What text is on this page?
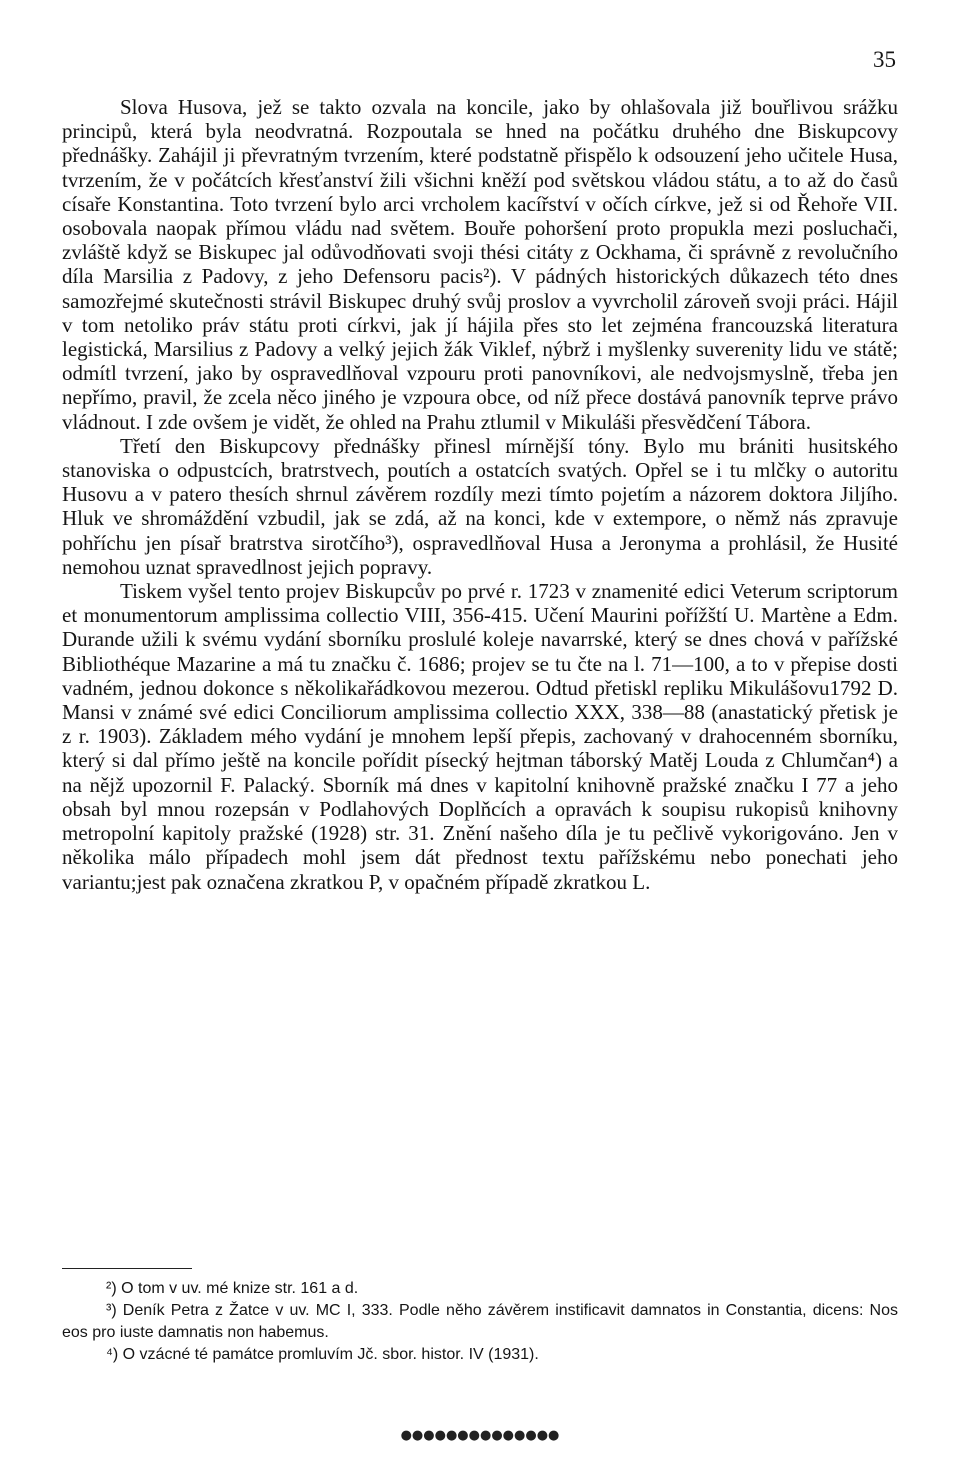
35

Slova Husova, jež se takto ozvala na koncile, jako by ohlašovala již bouřlivou srážku principů, která byla neodvratná. Rozpoutala se hned na počátku druhého dne Biskupcovy přednášky. Zahájil ji převratným tvrzením, které podstatně přispělo k odsouzení jeho učitele Husa, tvrzením, že v počátcích křesťanství žili všichni kněží pod světskou vládou státu, a to až do časů císaře Konstantina. Toto tvrzení bylo arci vrcholem kacířství v očích církve, jež si od Řehoře VII. osobovala naopak přímou vládu nad světem. Bouře pohoršení proto propukla mezi posluchači, zvláště když se Biskupec jal odůvodňovati svoji thési citáty z Ockhama, či správně z revolučního díla Marsilia z Padovy, z jeho Defensoru pacis²). V pádných historických důkazech této dnes samozřejmé skutečnosti strávil Biskupec druhý svůj proslov a vyvrcholil zároveň svoji práci. Hájil v tom netoliko práv státu proti církvi, jak jí hájila přes sto let zejména francouzská literatura legistická, Marsilius z Padovy a velký jejich žák Viklef, nýbrž i myšlenky suverenity lidu ve státě; odmítl tvrzení, jako by ospravedlňoval vzpouru proti panovníkovi, ale nedvojsmyslně, třeba jen nepřímo, pravil, že zcela něco jiného je vzpoura obce, od níž přece dostává panovník teprve právo vládnout. I zde ovšem je vidět, že ohled na Prahu ztlumil v Mikuláši přesvědčení Tábora.

Třetí den Biskupcovy přednášky přinesl mírnější tóny. Bylo mu brániti husitského stanoviska o odpustcích, bratrstvech, poutích a ostatcích svatých. Opřel se i tu mlčky o autoritu Husovu a v patero thesích shrnul závěrem rozdíly mezi tímto pojetím a názorem doktora Jiljího. Hluk ve shromáždění vzbudil, jak se zdá, až na konci, kde v extempore, o němž nás zpravuje pohříchu jen písař bratrstva sirotčího³), ospravedlňoval Husa a Jeronyma a prohlásil, že Husité nemohou uznat spravedlnost jejich popravy.

Tiskem vyšel tento projev Biskupcův po prvé r. 1723 v znamenité edici Veterum scriptorum et monumentorum amplissima collectio VIII, 356-415. Učení Maurini pořížští U. Martène a Edm. Durande užili k svému vydání sborníku proslulé koleje navarrské, který se dnes chová v pařížské Bibliothéque Mazarine a má tu značku č. 1686; projev se tu čte na l. 71—100, a to v přepise dosti vadném, jednou dokonce s několikařádkovou mezerou. Odtud přetiskl repliku Mikulášovu1792 D. Mansi v známé své edici Conciliorum amplissima collectio XXX, 338—88 (anastatický přetisk je z r. 1903). Základem mého vydání je mnohem lepší přepis, zachovaný v drahocenném sborníku, který si dal přímo ještě na koncile pořídit písecký hejtman táborský Matěj Louda z Chlumčan⁴) a na nějž upozornil F. Palacký. Sborník má dnes v kapitolní knihovně pražské značku I 77 a jeho obsah byl mnou rozepsán v Podlahových Doplňcích a opravách k soupisu rukopisů knihovny metropolní kapitoly pražské (1928) str. 31. Znění našeho díla je tu pečlivě vykorigováno. Jen v několika málo případech mohl jsem dát přednost textu pařížskému nebo ponechati jeho variantu;jest pak označena zkratkou P, v opačném případě zkratkou L.

²) O tom v uv. mé knize str. 161 a d.

³) Deník Petra z Žatce v uv. MC I, 333. Podle něho závěrem instificavit damnatos in Constantia, dicens: Nos eos pro iuste damnatis non habemus.

⁴) O vzácné té památce promluvím Jč. sbor. histor. IV (1931).

●●●●●●●●●●●●●●
